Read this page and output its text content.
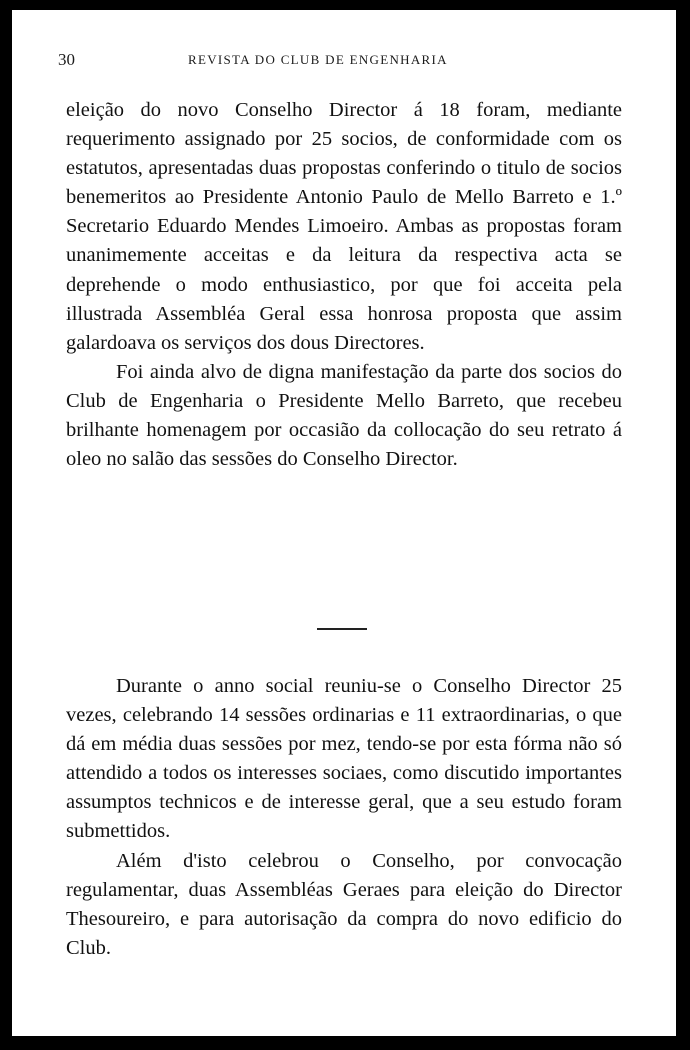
30	REVISTA DO CLUB DE ENGENHARIA

eleição do novo Conselho Director á 18 foram, mediante requerimento assignado por 25 socios, de conformidade com os estatutos, apresentadas duas propostas conferindo o titulo de socios benemeritos ao Presidente Antonio Paulo de Mello Barreto e 1.º Secretario Eduardo Mendes Limoeiro. Ambas as propostas foram unanimemente acceitas e da leitura da respectiva acta se deprehende o modo enthusiastico, por que foi acceita pela illustrada Assembléa Geral essa honrosa proposta que assim galardoava os serviços dos dous Directores.

Foi ainda alvo de digna manifestação da parte dos socios do Club de Engenharia o Presidente Mello Barreto, que recebeu brilhante homenagem por occasião da collocação do seu retrato á oleo no salão das sessões do Conselho Director.

Durante o anno social reuniu-se o Conselho Director 25 vezes, celebrando 14 sessões ordinarias e 11 extraordinarias, o que dá em média duas sessões por mez, tendo-se por esta fórma não só attendido a todos os interesses sociaes, como discutido importantes assumptos technicos e de interesse geral, que a seu estudo foram submettidos.

Além d'isto celebrou o Conselho, por convocação regulamentar, duas Assembléas Geraes para eleição do Director Thesoureiro, e para autorisação da compra do novo edificio do Club.
